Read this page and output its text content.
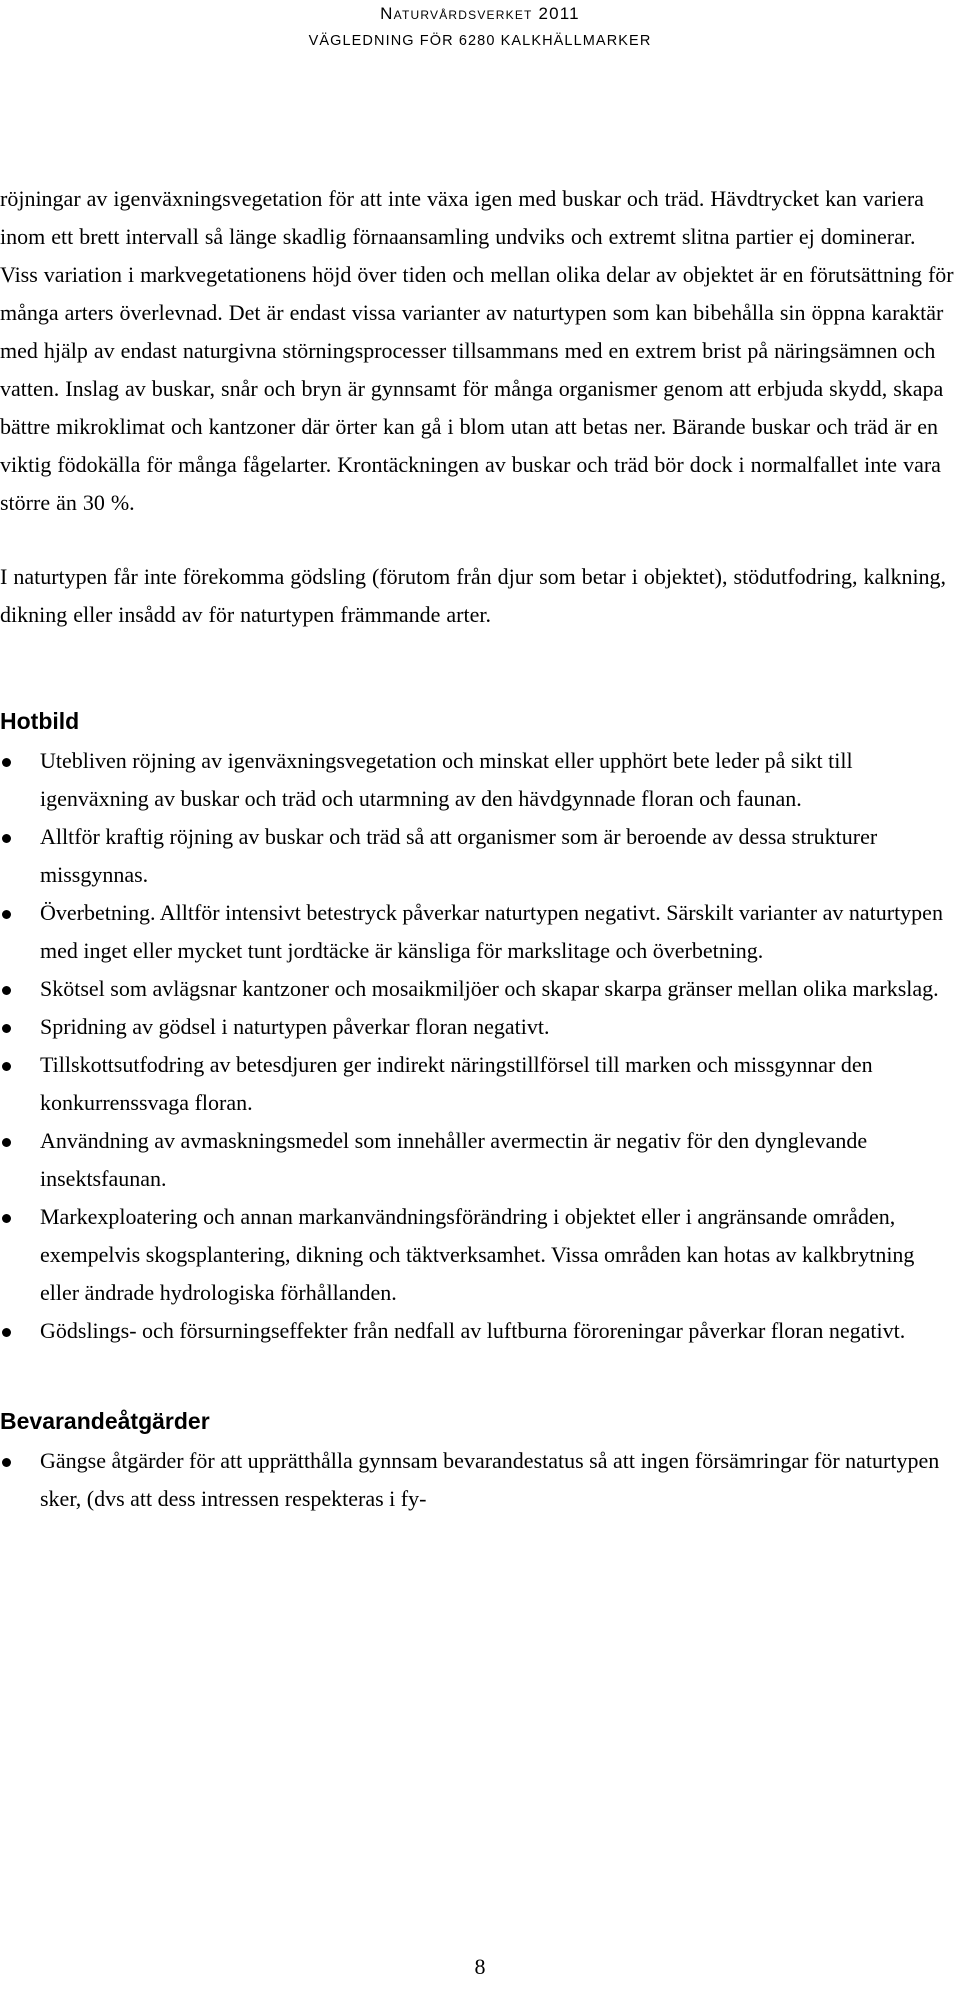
Naturvårdsverket 2011
VÄGLEDNING FÖR 6280 KALKHÄLLMARKER

röjningar av igenväxningsvegetation för att inte växa igen med buskar och träd. Hävdtrycket kan variera inom ett brett intervall så länge skadlig förnaansamling undviks och extremt slitna partier ej dominerar. Viss variation i markvegetationens höjd över tiden och mellan olika delar av objektet är en förutsättning för många arters överlevnad. Det är endast vissa varianter av naturtypen som kan bibehålla sin öppna karaktär med hjälp av endast naturgivna störningsprocesser tillsammans med en extrem brist på näringsämnen och vatten. Inslag av buskar, snår och bryn är gynnsamt för många organismer genom att erbjuda skydd, skapa bättre mikroklimat och kantzoner där örter kan gå i blom utan att betas ner. Bärande buskar och träd är en viktig födokälla för många fågelarter. Krontäckningen av buskar och träd bör dock i normalfallet inte vara större än 30 %.

I naturtypen får inte förekomma gödsling (förutom från djur som betar i objektet), stödutfodring, kalkning, dikning eller insådd av för naturtypen främmande arter.

Hotbild
Utebliven röjning av igenväxningsvegetation och minskat eller upphört bete leder på sikt till igenväxning av buskar och träd och utarmning av den hävdgynnade floran och faunan.
Alltför kraftig röjning av buskar och träd så att organismer som är beroende av dessa strukturer missgynnas.
Överbetning. Alltför intensivt betestryck påverkar naturtypen negativt. Särskilt varianter av naturtypen med inget eller mycket tunt jordtäcke är känsliga för markslitage och överbetning.
Skötsel som avlägsnar kantzoner och mosaikmiljöer och skapar skarpa gränser mellan olika markslag.
Spridning av gödsel i naturtypen påverkar floran negativt.
Tillskottsutfodring av betesdjuren ger indirekt näringstillförsel till marken och missgynnar den konkurrenssvaga floran.
Användning av avmaskningsmedel som innehåller avermectin är negativ för den dynglevande insektsfaunan.
Markexploatering och annan markanvändningsförändring i objektet eller i angränsande områden, exempelvis skogsplantering, dikning och täktverksamhet. Vissa områden kan hotas av kalkbrytning eller ändrade hydrologiska förhållanden.
Gödslings- och försurningseffekter från nedfall av luftburna föroreningar påverkar floran negativt.
Bevarandeåtgärder
Gängse åtgärder för att upprätthålla gynnsam bevarandestatus så att ingen försämringar för naturtypen sker, (dvs att dess intressen respekteras i fy-
8
